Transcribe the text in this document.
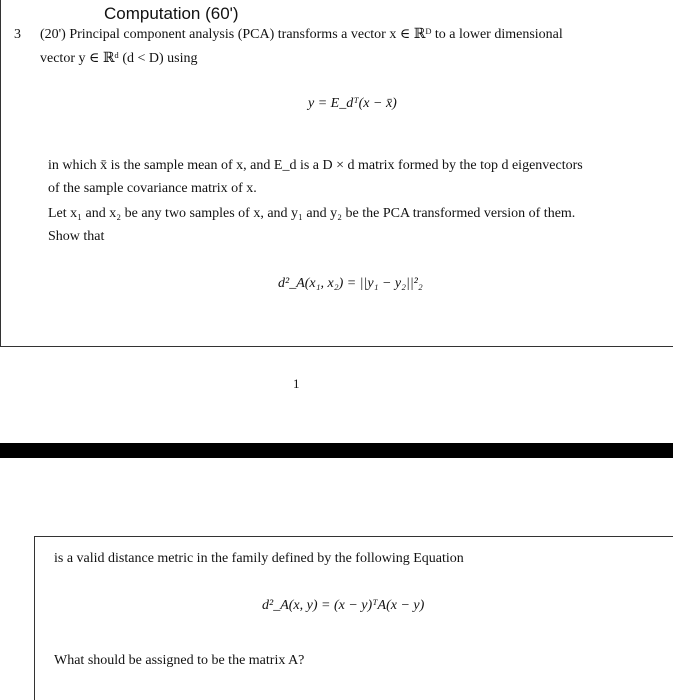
Computation (60')
3 (20') Principal component analysis (PCA) transforms a vector x ∈ ℝᴰ to a lower dimensional
vector y ∈ ℝᵈ (d < D) using
y = E_dᵀ(x − x̄)
in which x̄ is the sample mean of x, and E_d is a D × d matrix formed by the top d eigenvectors
of the sample covariance matrix of x.
Let x₁ and x₂ be any two samples of x, and y₁ and y₂ be the PCA transformed version of them.
Show that
d²_A(x₁, x₂) = ||y₁ − y₂||²₂
1
is a valid distance metric in the family defined by the following Equation
d²_A(x, y) = (x − y)ᵀA(x − y)
What should be assigned to be the matrix A?
